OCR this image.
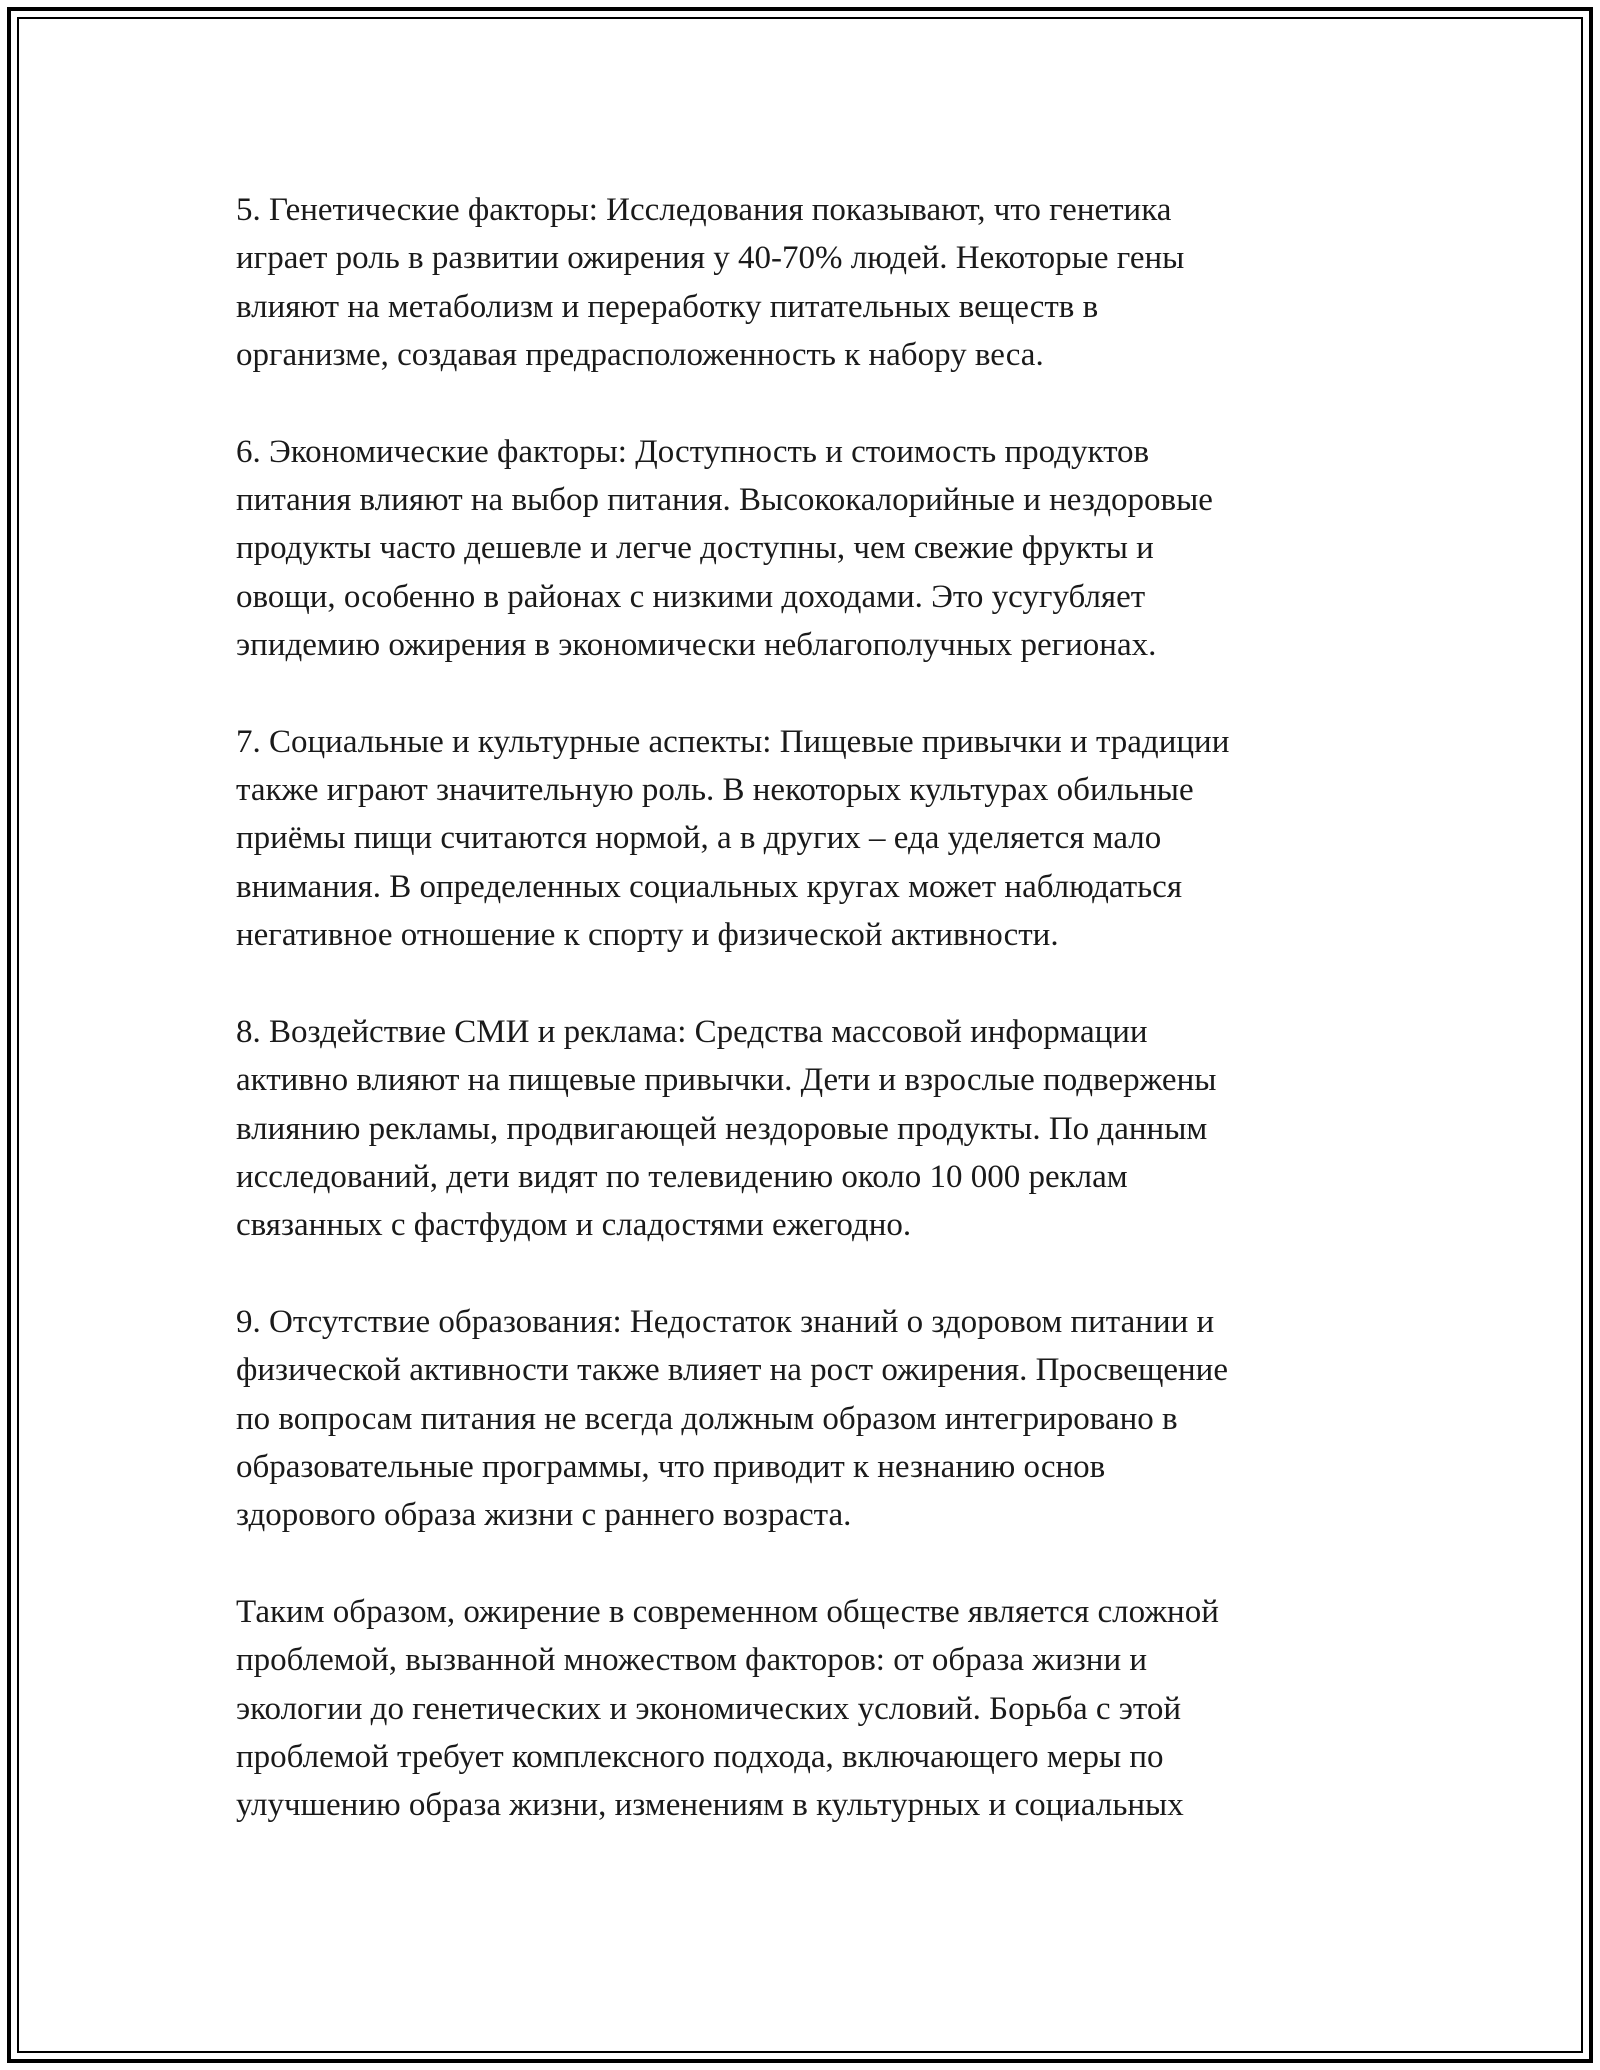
5. Генетические факторы: Исследования показывают, что генетика
играет роль в развитии ожирения у 40-70% людей. Некоторые гены
влияют на метаболизм и переработку питательных веществ в
организме, создавая предрасположенность к набору веса.

6. Экономические факторы: Доступность и стоимость продуктов
питания влияют на выбор питания. Высококалорийные и нездоровые
продукты часто дешевле и легче доступны, чем свежие фрукты и
овощи, особенно в районах с низкими доходами. Это усугубляет
эпидемию ожирения в экономически неблагополучных регионах.

7. Социальные и культурные аспекты: Пищевые привычки и традиции
также играют значительную роль. В некоторых культурах обильные
приёмы пищи считаются нормой, а в других – еда уделяется мало
внимания. В определенных социальных кругах может наблюдаться
негативное отношение к спорту и физической активности.

8. Воздействие СМИ и реклама: Средства массовой информации
активно влияют на пищевые привычки. Дети и взрослые подвержены
влиянию рекламы, продвигающей нездоровые продукты. По данным
исследований, дети видят по телевидению около 10 000 реклам
связанных с фастфудом и сладостями ежегодно.

9. Отсутствие образования: Недостаток знаний о здоровом питании и
физической активности также влияет на рост ожирения. Просвещение
по вопросам питания не всегда должным образом интегрировано в
образовательные программы, что приводит к незнанию основ
здорового образа жизни с раннего возраста.

Таким образом, ожирение в современном обществе является сложной
проблемой, вызванной множеством факторов: от образа жизни и
экологии до генетических и экономических условий. Борьба с этой
проблемой требует комплексного подхода, включающего меры по
улучшению образа жизни, изменениям в культурных и социальных
